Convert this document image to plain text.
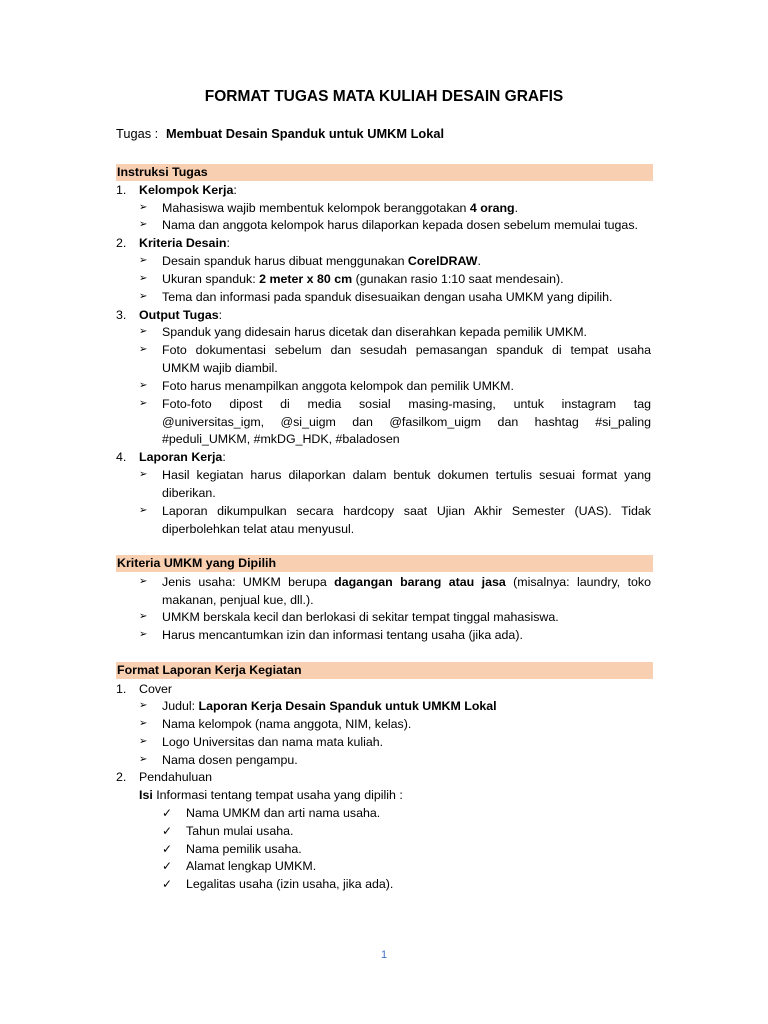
FORMAT TUGAS MATA KULIAH DESAIN GRAFIS
Tugas : Membuat Desain Spanduk untuk UMKM Lokal
Instruksi Tugas
1. Kelompok Kerja:
➢ Mahasiswa wajib membentuk kelompok beranggotakan 4 orang.
➢ Nama dan anggota kelompok harus dilaporkan kepada dosen sebelum memulai tugas.
2. Kriteria Desain:
➢ Desain spanduk harus dibuat menggunakan CorelDRAW.
➢ Ukuran spanduk: 2 meter x 80 cm (gunakan rasio 1:10 saat mendesain).
➢ Tema dan informasi pada spanduk disesuaikan dengan usaha UMKM yang dipilih.
3. Output Tugas:
➢ Spanduk yang didesain harus dicetak dan diserahkan kepada pemilik UMKM.
➢ Foto dokumentasi sebelum dan sesudah pemasangan spanduk di tempat usaha
UMKM wajib diambil.
➢ Foto harus menampilkan anggota kelompok dan pemilik UMKM.
➢ Foto-foto dipost di media sosial masing-masing, untuk instagram tag
@universitas_igm, @si_uigm dan @fasilkom_uigm dan hashtag #si_paling
#peduli_UMKM, #mkDG_HDK, #baladosen
4. Laporan Kerja:
➢ Hasil kegiatan harus dilaporkan dalam bentuk dokumen tertulis sesuai format yang
diberikan.
➢ Laporan dikumpulkan secara hardcopy saat Ujian Akhir Semester (UAS). Tidak
diperbolehkan telat atau menyusul.
Kriteria UMKM yang Dipilih
➢ Jenis usaha: UMKM berupa dagangan barang atau jasa (misalnya: laundry, toko
makanan, penjual kue, dll.).
➢ UMKM berskala kecil dan berlokasi di sekitar tempat tinggal mahasiswa.
➢ Harus mencantumkan izin dan informasi tentang usaha (jika ada).
Format Laporan Kerja Kegiatan
1. Cover
➢ Judul: Laporan Kerja Desain Spanduk untuk UMKM Lokal
➢ Nama kelompok (nama anggota, NIM, kelas).
➢ Logo Universitas dan nama mata kuliah.
➢ Nama dosen pengampu.
2. Pendahuluan
Isi Informasi tentang tempat usaha yang dipilih :
✓ Nama UMKM dan arti nama usaha.
✓ Tahun mulai usaha.
✓ Nama pemilik usaha.
✓ Alamat lengkap UMKM.
✓ Legalitas usaha (izin usaha, jika ada).
1
